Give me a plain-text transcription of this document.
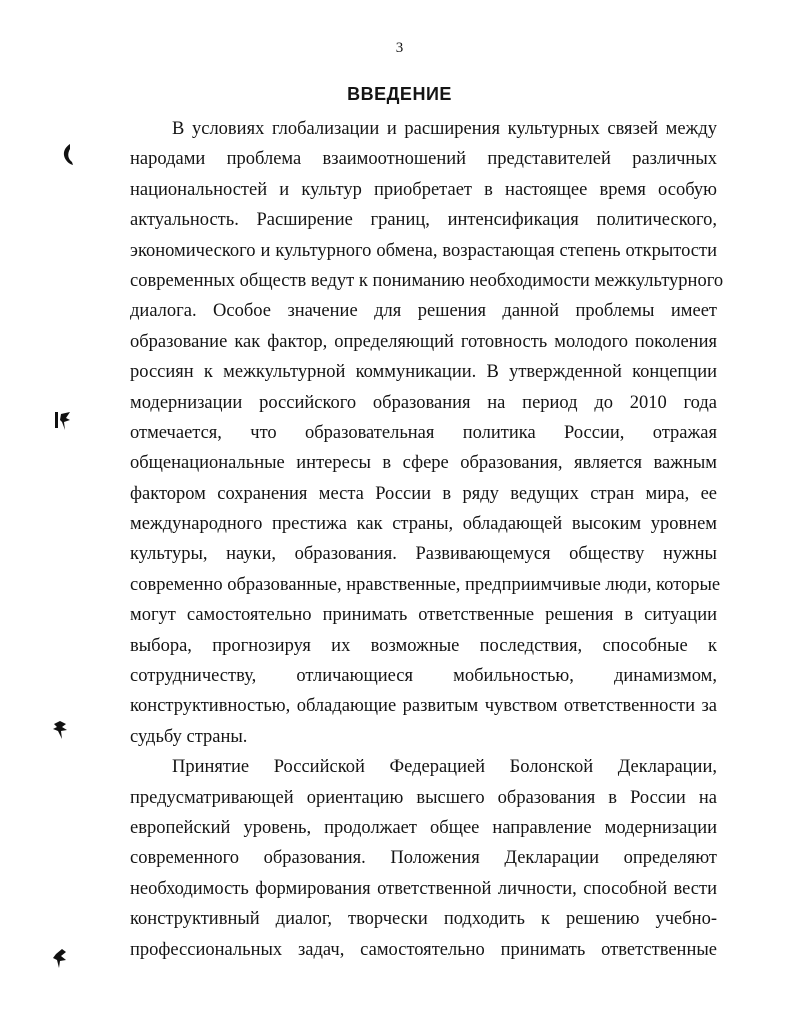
3
ВВЕДЕНИЕ
В условиях глобализации и расширения культурных связей между
народами проблема взаимоотношений представителей различных
национальностей и культур приобретает в настоящее время особую
актуальность. Расширение границ, интенсификация политического,
экономического и культурного обмена, возрастающая степень открытости
современных обществ ведут к пониманию необходимости межкультурного
диалога. Особое значение для решения данной проблемы имеет
образование как фактор, определяющий готовность молодого поколения
россиян к межкультурной коммуникации. В утвержденной концепции
модернизации российского образования на период до 2010 года
отмечается, что образовательная политика России, отражая
общенациональные интересы в сфере образования, является важным
фактором сохранения места России в ряду ведущих стран мира, ее
международного престижа как страны, обладающей высоким уровнем
культуры, науки, образования. Развивающемуся обществу нужны
современно образованные, нравственные, предприимчивые люди, которые
могут самостоятельно принимать ответственные решения в ситуации
выбора, прогнозируя их возможные последствия, способные к
сотрудничеству, отличающиеся мобильностью, динамизмом,
конструктивностью, обладающие развитым чувством ответственности за
судьбу страны.
Принятие Российской Федерацией Болонской Декларации,
предусматривающей ориентацию высшего образования в России на
европейский уровень, продолжает общее направление модернизации
современного образования. Положения Декларации определяют
необходимость формирования ответственной личности, способной вести
конструктивный диалог, творчески подходить к решению учебно-
профессиональных задач, самостоятельно принимать ответственные
